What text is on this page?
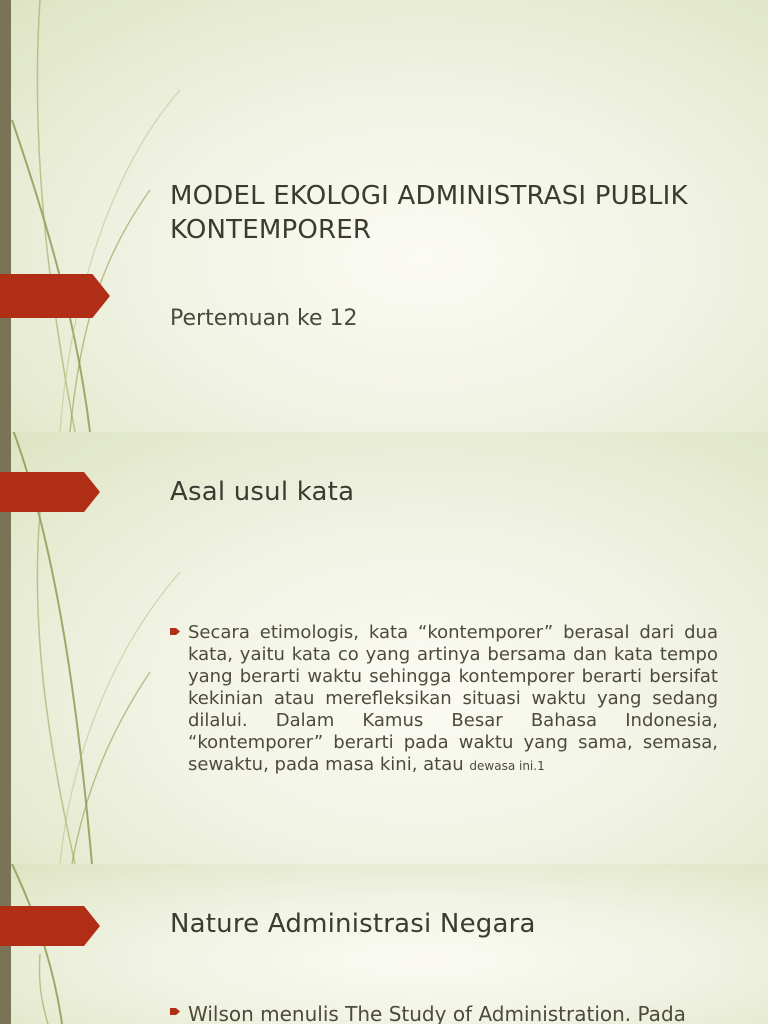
MODEL EKOLOGI ADMINISTRASI PUBLIK KONTEMPORER
Pertemuan ke 12
Asal usul kata
Secara etimologis, kata “kontemporer” berasal dari dua kata, yaitu kata co yang artinya bersama dan kata tempo yang berarti waktu sehingga kontemporer berarti bersifat kekinian atau merefleksikan situasi waktu yang sedang dilalui. Dalam Kamus Besar Bahasa Indonesia, “kontemporer” berarti pada waktu yang sama, semasa, sewaktu, pada masa kini, atau dewasa ini.1
Nature Administrasi Negara
Wilson menulis The Study of Administration. Pada
